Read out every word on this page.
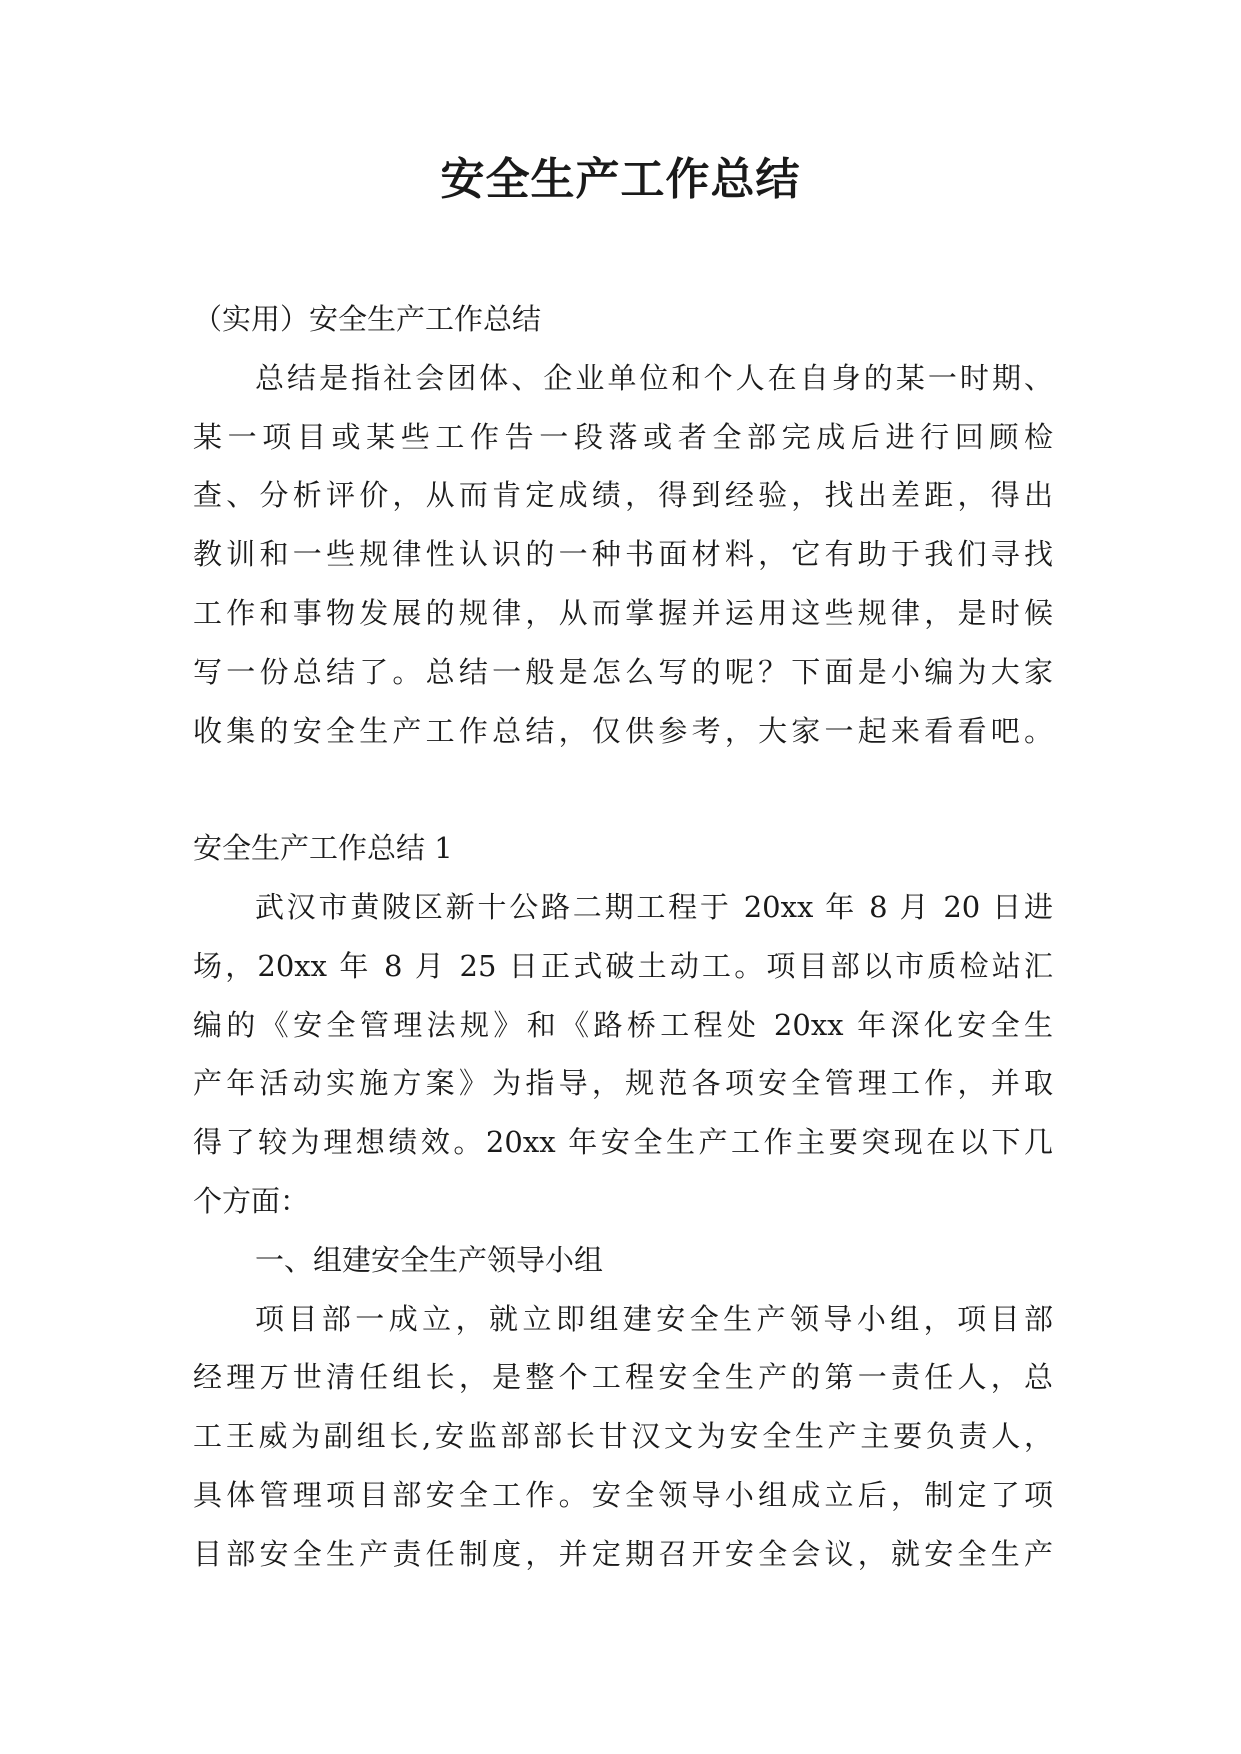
安全生产工作总结
（实用）安全生产工作总结
总结是指社会团体、企业单位和个人在自身的某一时期、
某一项目或某些工作告一段落或者全部完成后进行回顾检
查、分析评价，从而肯定成绩，得到经验，找出差距，得出
教训和一些规律性认识的一种书面材料，它有助于我们寻找
工作和事物发展的规律，从而掌握并运用这些规律，是时候
写一份总结了。总结一般是怎么写的呢？下面是小编为大家
收集的安全生产工作总结，仅供参考，大家一起来看看吧。
安全生产工作总结 1
武汉市黄陂区新十公路二期工程于 20xx 年 8 月 20 日进
场，20xx 年 8 月 25 日正式破土动工。项目部以市质检站汇
编的《安全管理法规》和《路桥工程处 20xx 年深化安全生
产年活动实施方案》为指导，规范各项安全管理工作，并取
得了较为理想绩效。20xx 年安全生产工作主要突现在以下几
个方面：
一、组建安全生产领导小组
项目部一成立，就立即组建安全生产领导小组，项目部
经理万世清任组长，是整个工程安全生产的第一责任人，总
工王威为副组长,安监部部长甘汉文为安全生产主要负责人，
具体管理项目部安全工作。安全领导小组成立后，制定了项
目部安全生产责任制度，并定期召开安全会议，就安全生产
